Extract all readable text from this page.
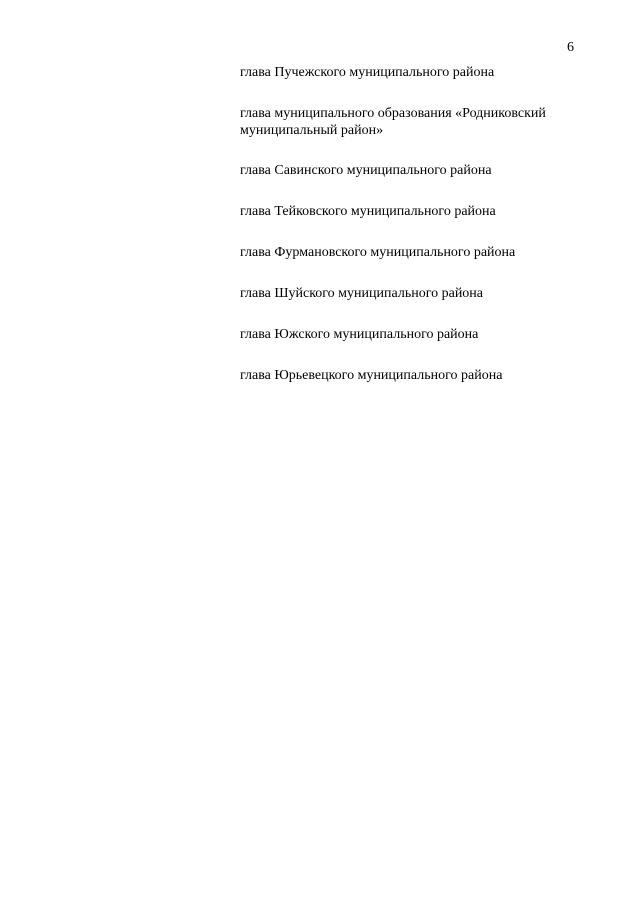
6
глава Пучежского муниципального района
глава муниципального образования «Родниковский муниципальный район»
глава Савинского муниципального района
глава Тейковского муниципального района
глава Фурмановского муниципального района
глава Шуйского муниципального района
глава Южского муниципального района
глава Юрьевецкого муниципального района
